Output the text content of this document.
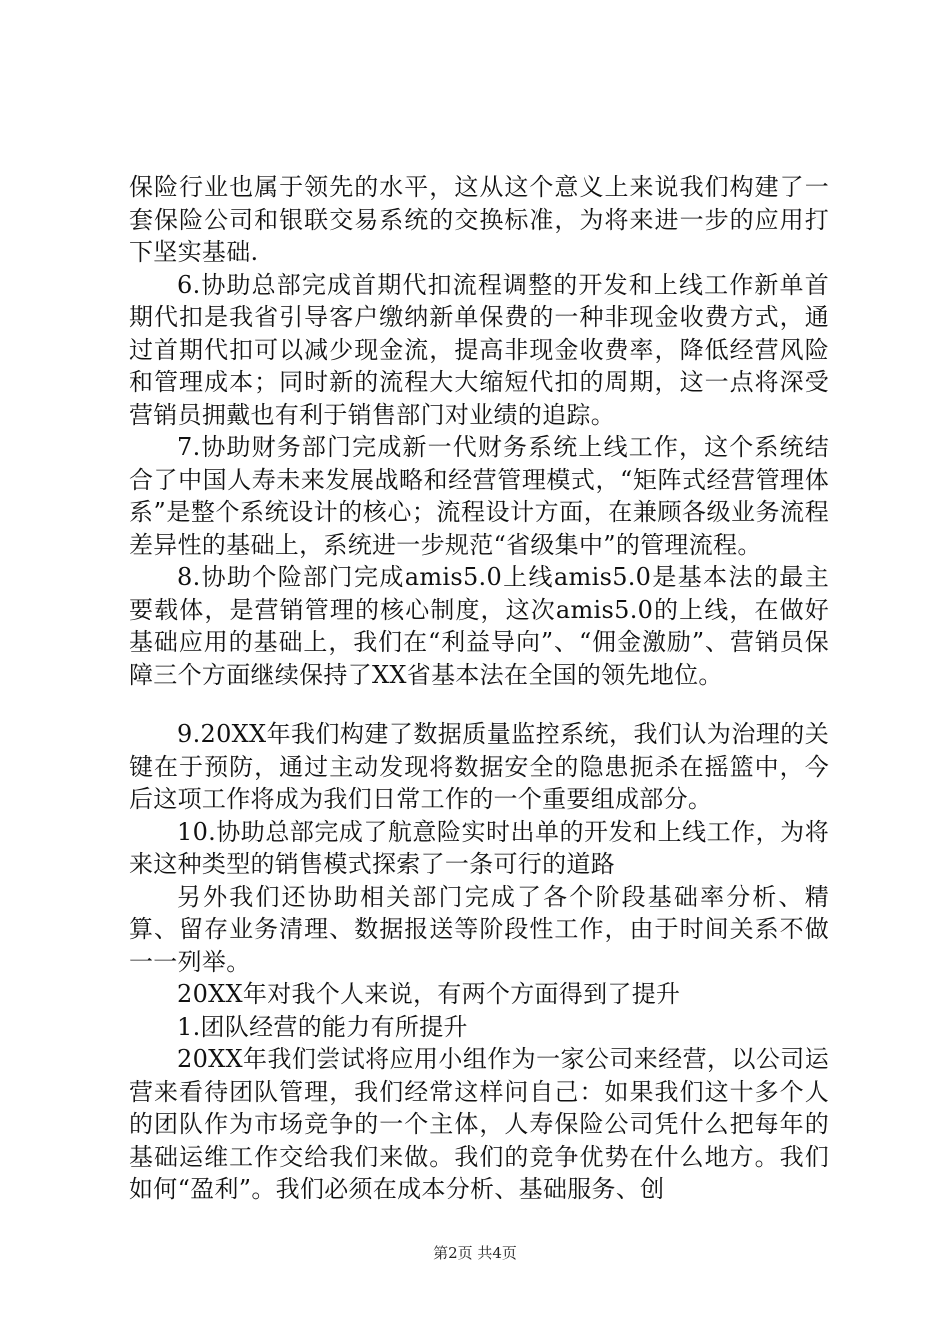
保险行业也属于领先的水平，这从这个意义上来说我们构建了一套保险公司和银联交易系统的交换标准，为将来进一步的应用打下坚实基础.

6.协助总部完成首期代扣流程调整的开发和上线工作新单首期代扣是我省引导客户缴纳新单保费的一种非现金收费方式，通过首期代扣可以减少现金流，提高非现金收费率，降低经营风险和管理成本；同时新的流程大大缩短代扣的周期，这一点将深受营销员拥戴也有利于销售部门对业绩的追踪。

7.协助财务部门完成新一代财务系统上线工作，这个系统结合了中国人寿未来发展战略和经营管理模式，“矩阵式经营管理体系”是整个系统设计的核心；流程设计方面，在兼顾各级业务流程差异性的基础上，系统进一步规范“省级集中”的管理流程。

8.协助个险部门完成amis5.0上线amis5.0是基本法的最主要载体，是营销管理的核心制度，这次amis5.0的上线，在做好基础应用的基础上，我们在“利益导向”、“佣金激励”、营销员保障三个方面继续保持了XX省基本法在全国的领先地位。

9.20XX年我们构建了数据质量监控系统，我们认为治理的关键在于预防，通过主动发现将数据安全的隐患扼杀在摇篮中，今后这项工作将成为我们日常工作的一个重要组成部分。

10.协助总部完成了航意险实时出单的开发和上线工作，为将来这种类型的销售模式探索了一条可行的道路

另外我们还协助相关部门完成了各个阶段基础率分析、精算、留存业务清理、数据报送等阶段性工作，由于时间关系不做一一列举。

20XX年对我个人来说，有两个方面得到了提升

1.团队经营的能力有所提升

20XX年我们尝试将应用小组作为一家公司来经营，以公司运营来看待团队管理，我们经常这样问自己：如果我们这十多个人的团队作为市场竞争的一个主体，人寿保险公司凭什么把每年的基础运维工作交给我们来做。我们的竞争优势在什么地方。我们如何“盈利”。我们必须在成本分析、基础服务、创

第2页 共4页
